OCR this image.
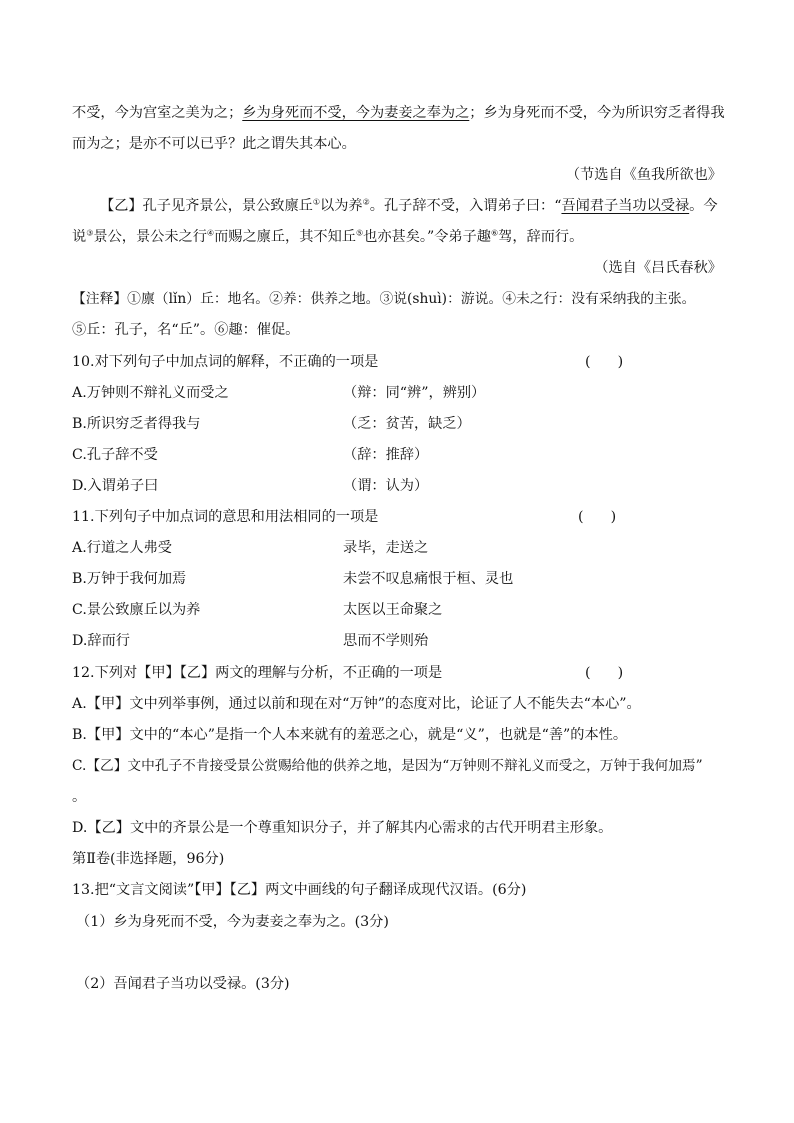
不受，今为宫室之美为之；乡为身死而不受，今为妻妾之奉为之；乡为身死而不受，今为所识穷乏者得我
而为之；是亦不可以已乎？此之谓失其本心。
（节选自《鱼我所欲也》
【乙】孔子见齐景公，景公致廪丘①以为养②。孔子辞不受，入谓弟子曰：“吾闻君子当功以受禄。今
说③景公，景公未之行④而赐之廪丘，其不知丘⑤也亦甚矣。”令弟子趣⑥驾，辞而行。
（选自《吕氏春秋》
【注释】①廪（lǐn）丘：地名。②养：供养之地。③说(shuì)：游说。④未之行：没有采纳我的主张。
⑤丘：孔子，名“丘”。⑥趣：催促。
10.对下列句子中加点词的解释，不正确的一项是	(      )
A.万钟则不辩礼义而受之	（辩：同“辨”，辨别）
B.所识穷乏者得我与	（乏：贫苦，缺乏）
C.孔子辞不受	（辞：推辞）
D.入谓弟子曰	（谓：认为）
11.下列句子中加点词的意思和用法相同的一项是	(      )
A.行道之人弗受	录毕，走送之
B.万钟于我何加焉	未尝不叹息痛恨于桓、灵也
C.景公致廪丘以为养	太医以王命聚之
D.辞而行	思而不学则殆
12.下列对【甲】【乙】两文的理解与分析，不正确的一项是	(      )
A.【甲】文中列举事例，通过以前和现在对“万钟”的态度对比，论证了人不能失去“本心”。
B.【甲】文中的“本心”是指一个人本来就有的羞恶之心，就是“义”，也就是“善”的本性。
C.【乙】文中孔子不肯接受景公赏赐给他的供养之地，是因为“万钟则不辩礼义而受之，万钟于我何加焉”
。
D.【乙】文中的齐景公是一个尊重知识分子，并了解其内心需求的古代开明君主形象。
第Ⅱ卷(非选择题，96分)
13.把“文言文阅读”【甲】【乙】两文中画线的句子翻译成现代汉语。(6分)
（1）乡为身死而不受，今为妻妾之奉为之。(3分)
（2）吾闻君子当功以受禄。(3分)
